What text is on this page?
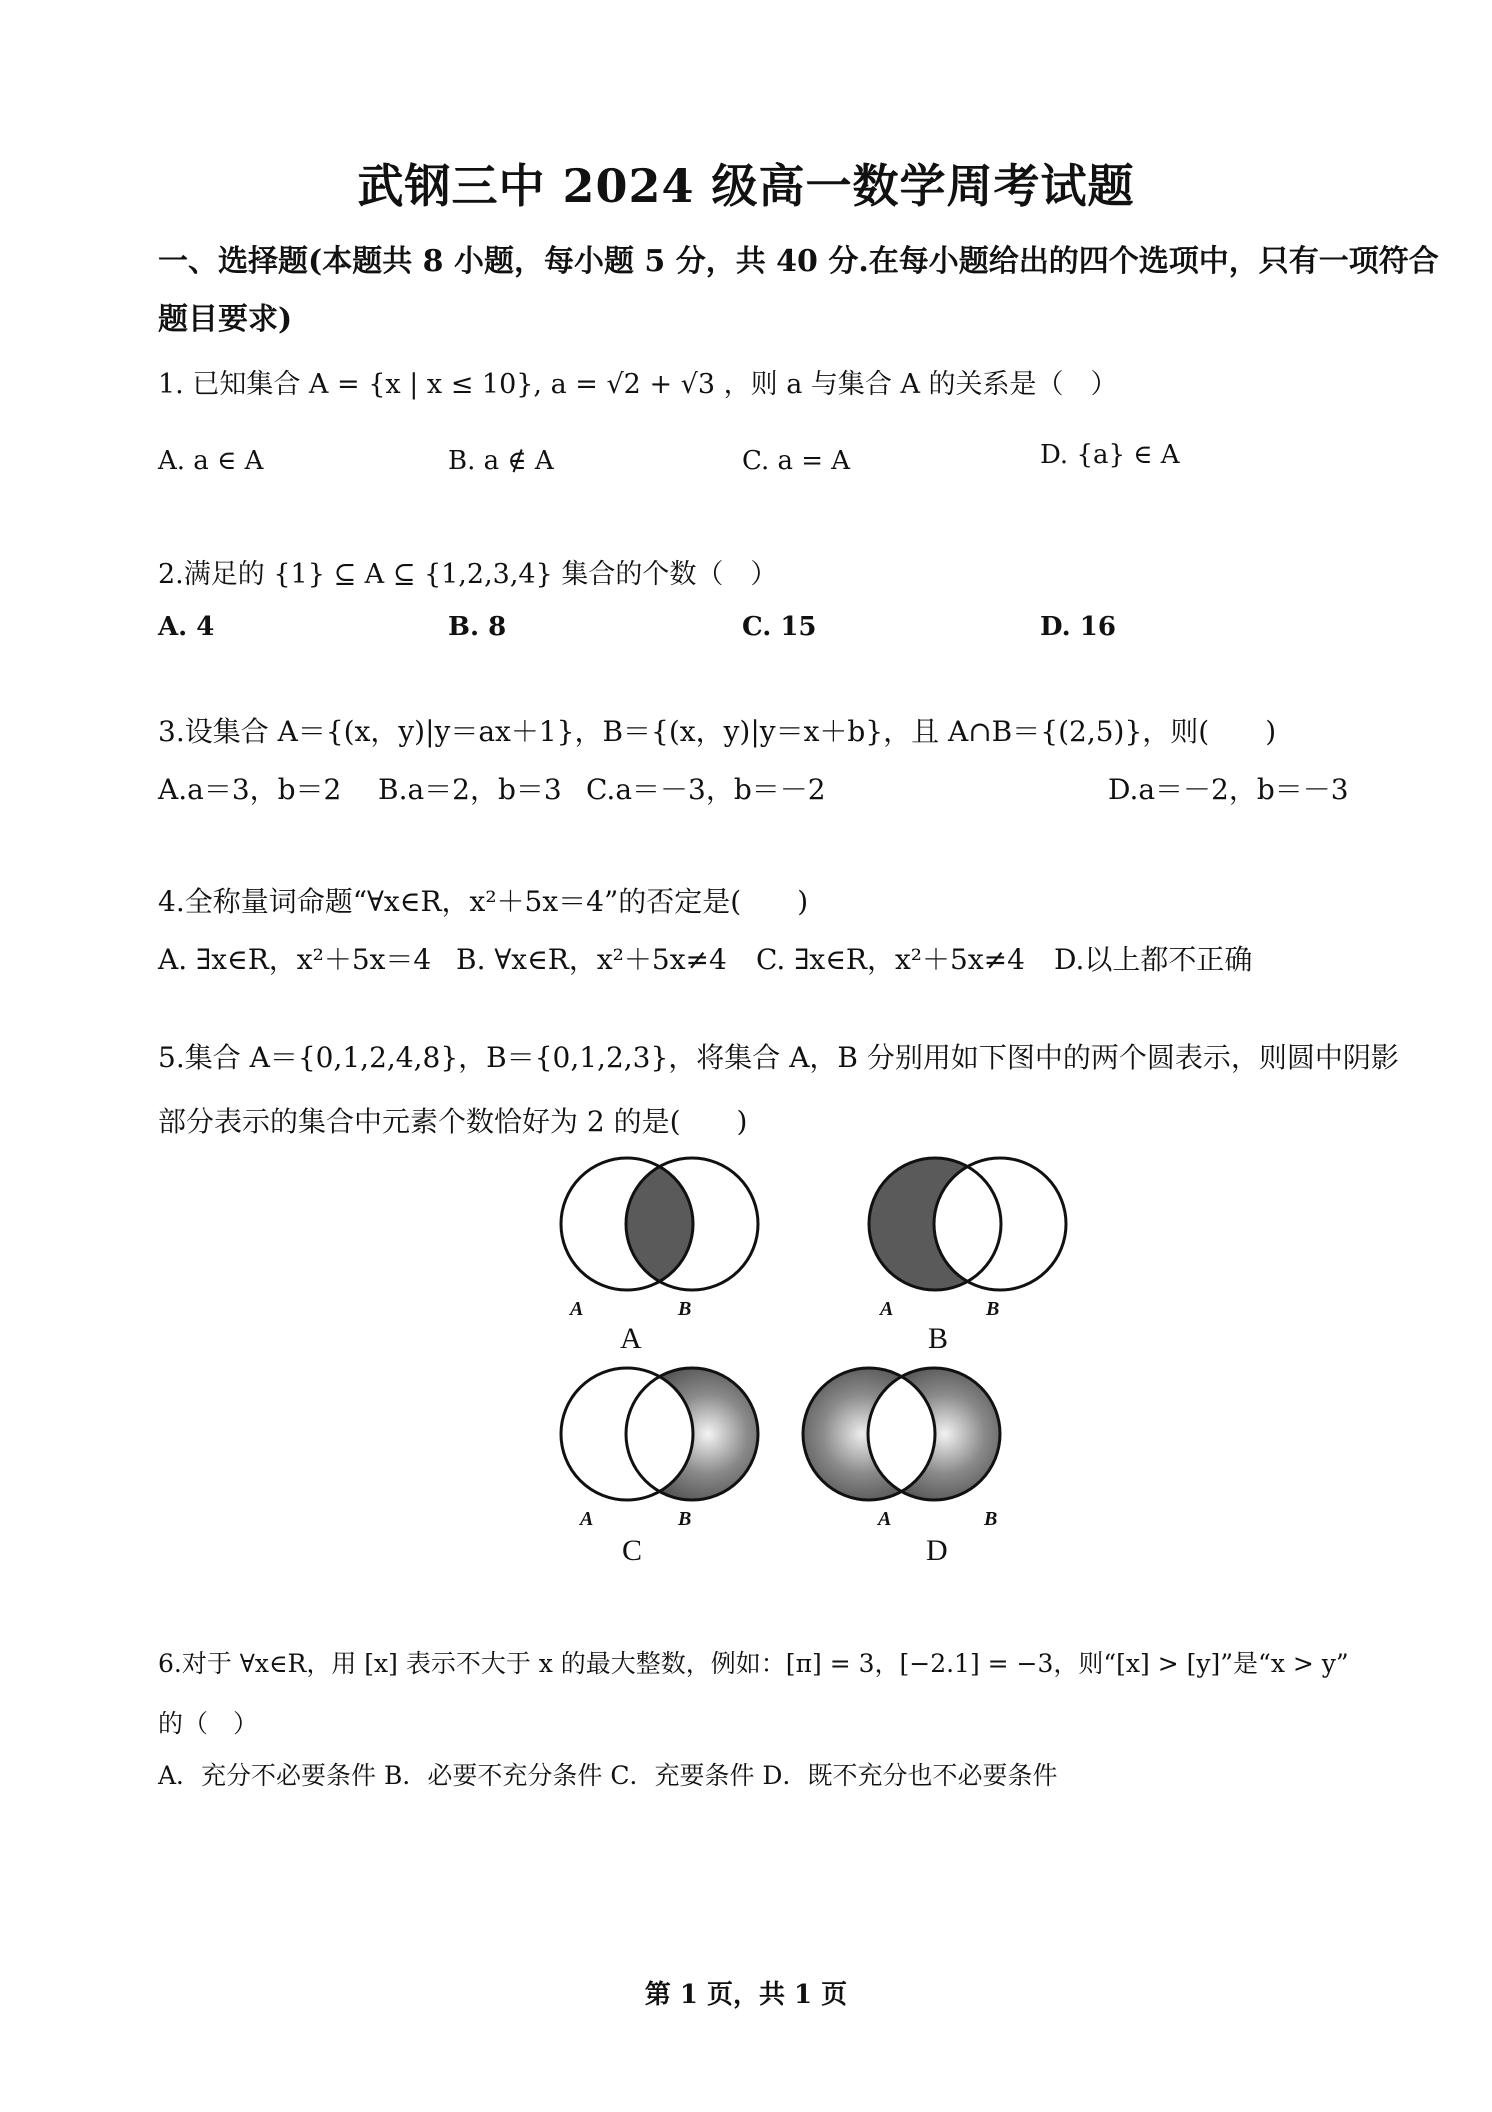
武钢三中 2024 级高一数学周考试题
一、选择题(本题共 8 小题，每小题 5 分，共 40 分.在每小题给出的四个选项中，只有一项符合
题目要求)
1. 已知集合 A = {x | x ≤ 10}, a = √2 + √3 ，则 a 与集合 A 的关系是（　）
A. a ∈ A	B. a ∉ A	C. a = A	D. {a} ∈ A
2.满足的 {1} ⊆ A ⊆ {1,2,3,4} 集合的个数（　）
A. 4	B. 8	C. 15	D. 16
3.设集合 A＝{(x，y)|y＝ax＋1}，B＝{(x，y)|y＝x＋b}，且 A∩B＝{(2,5)}，则(　　)
A.a＝3，b＝2 B.a＝2，b＝3 C.a＝－3，b＝－2	D.a＝－2，b＝－3
4.全称量词命题“∀x∈R，x²＋5x＝4”的否定是(　　)
A. ∃x∈R，x²＋5x＝4 B. ∀x∈R，x²＋5x≠4 C. ∃x∈R，x²＋5x≠4 D.以上都不正确
5.集合 A＝{0,1,2,4,8}，B＝{0,1,2,3}，将集合 A，B 分别用如下图中的两个圆表示，则圆中阴影
部分表示的集合中元素个数恰好为 2 的是(　　)
A	B
A
A	B
B
A	B
C
A	B
D
6.对于 ∀x∈R，用 [x] 表示不大于 x 的最大整数，例如：[π] = 3，[−2.1] = −3，则“[x] > [y]”是“x > y”
的（　）
A．充分不必要条件 B．必要不充分条件 C．充要条件 D．既不充分也不必要条件
第 1 页，共 1 页
